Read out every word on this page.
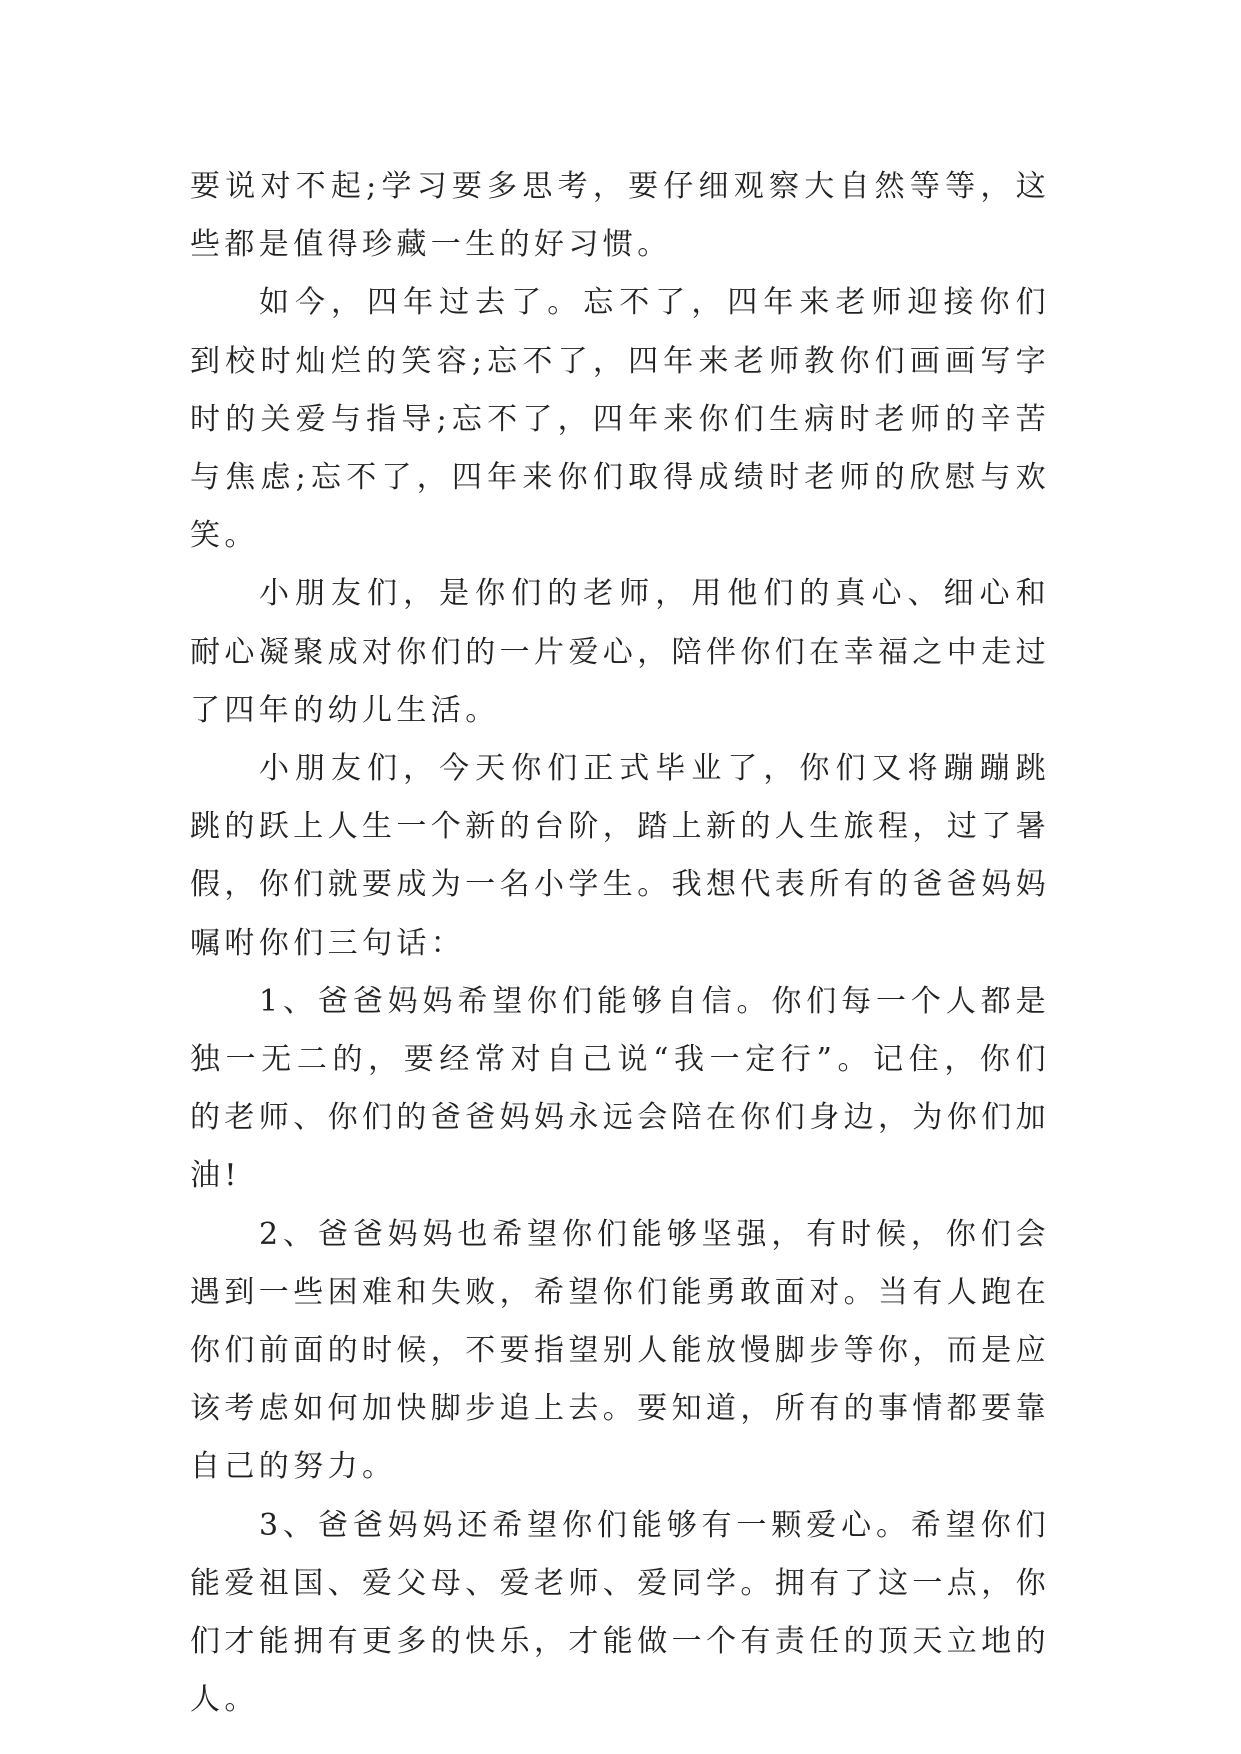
要说对不起;学习要多思考，要仔细观察大自然等等，这些都是值得珍藏一生的好习惯。

如今，四年过去了。忘不了，四年来老师迎接你们到校时灿烂的笑容;忘不了，四年来老师教你们画画写字时的关爱与指导;忘不了，四年来你们生病时老师的辛苦与焦虑;忘不了，四年来你们取得成绩时老师的欣慰与欢笑。

小朋友们，是你们的老师，用他们的真心、细心和耐心凝聚成对你们的一片爱心，陪伴你们在幸福之中走过了四年的幼儿生活。

小朋友们，今天你们正式毕业了，你们又将蹦蹦跳跳的跃上人生一个新的台阶，踏上新的人生旅程，过了暑假，你们就要成为一名小学生。我想代表所有的爸爸妈妈嘱咐你们三句话：

1、爸爸妈妈希望你们能够自信。你们每一个人都是独一无二的，要经常对自己说“我一定行”。记住，你们的老师、你们的爸爸妈妈永远会陪在你们身边，为你们加油!

2、爸爸妈妈也希望你们能够坚强，有时候，你们会遇到一些困难和失败，希望你们能勇敢面对。当有人跑在你们前面的时候，不要指望别人能放慢脚步等你，而是应该考虑如何加快脚步追上去。要知道，所有的事情都要靠自己的努力。

3、爸爸妈妈还希望你们能够有一颗爱心。希望你们能爱祖国、爱父母、爱老师、爱同学。拥有了这一点，你们才能拥有更多的快乐，才能做一个有责任的顶天立地的人。
